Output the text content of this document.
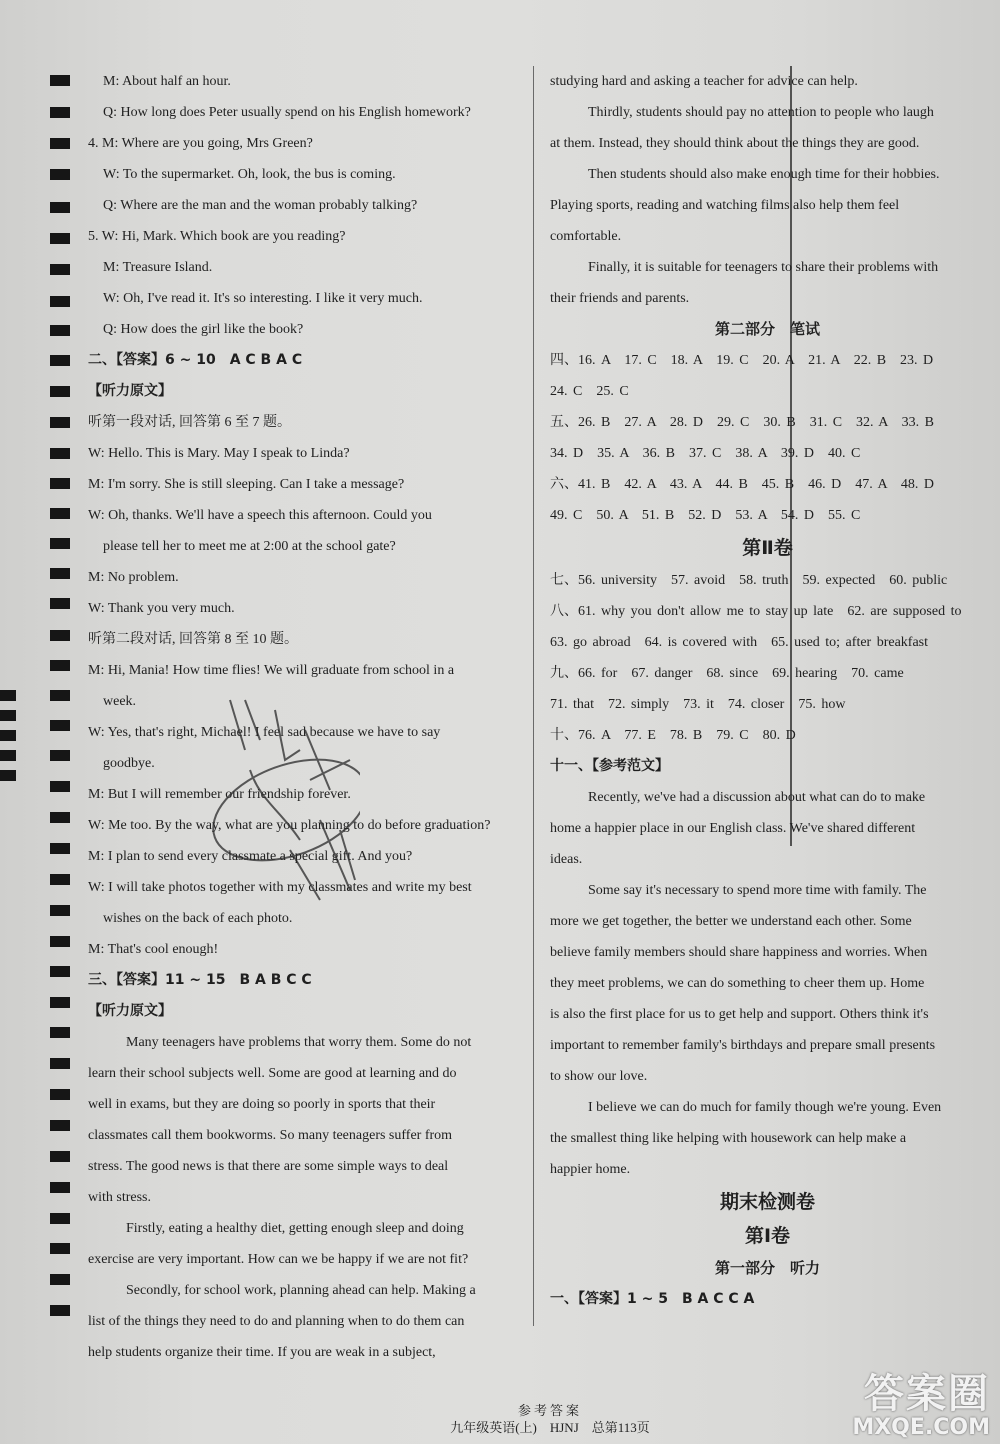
M: About half an hour.
Q: How long does Peter usually spend on his English homework?
4. M: Where are you going, Mrs Green?
W: To the supermarket. Oh, look, the bus is coming.
Q: Where are the man and the woman probably talking?
5. W: Hi, Mark. Which book are you reading?
M: Treasure Island.
W: Oh, I've read it. It's so interesting. I like it very much.
Q: How does the girl like the book?
二、【答案】6 ~ 10　A C B A C
【听力原文】
听第一段对话, 回答第 6 至 7 题。
W: Hello. This is Mary. May I speak to Linda?
M: I'm sorry. She is still sleeping. Can I take a message?
W: Oh, thanks. We'll have a speech this afternoon. Could you
please tell her to meet me at 2:00 at the school gate?
M: No problem.
W: Thank you very much.
听第二段对话, 回答第 8 至 10 题。
M: Hi, Mania! How time flies! We will graduate from school in a
week.
W: Yes, that's right, Michael! I feel sad because we have to say
goodbye.
M: But I will remember our friendship forever.
W: Me too. By the way, what are you planning to do before graduation?
M: I plan to send every classmate a special gift. And you?
W: I will take photos together with my classmates and write my best
wishes on the back of each photo.
M: That's cool enough!
三、【答案】11 ~ 15　B A B C C
【听力原文】
Many teenagers have problems that worry them. Some do not
learn their school subjects well. Some are good at learning and do
well in exams, but they are doing so poorly in sports that their
classmates call them bookworms. So many teenagers suffer from
stress. The good news is that there are some simple ways to deal
with stress.
Firstly, eating a healthy diet, getting enough sleep and doing
exercise are very important. How can we be happy if we are not fit?
Secondly, for school work, planning ahead can help. Making a
list of the things they need to do and planning when to do them can
help students organize their time. If you are weak in a subject,
studying hard and asking a teacher for advice can help.
Thirdly, students should pay no attention to people who laugh
at them. Instead, they should think about the things they are good.
Then students should also make enough time for their hobbies.
Playing sports, reading and watching films also help them feel
comfortable.
Finally, it is suitable for teenagers to share their problems with
their friends and parents.
第二部分　笔试
四、16. A　17. C　18. A　19. C　20. A　21. A　22. B　23. D
24. C　25. C
五、26. B　27. A　28. D　29. C　30. B　31. C　32. A　33. B
34. D　35. A　36. B　37. C　38. A　39. D　40. C
六、41. B　42. A　43. A　44. B　45. B　46. D　47. A　48. D
49. C　50. A　51. B　52. D　53. A　54. D　55. C
第Ⅱ卷
七、56. university　57. avoid　58. truth　59. expected　60. public
八、61. why you don't allow me to stay up late　62. are supposed to
63. go abroad　64. is covered with　65. used to; after breakfast
九、66. for　67. danger　68. since　69. hearing　70. came
71. that　72. simply　73. it　74. closer　75. how
十、76. A　77. E　78. B　79. C　80. D
十一、【参考范文】
Recently, we've had a discussion about what can do to make
home a happier place in our English class. We've shared different
ideas.
Some say it's necessary to spend more time with family. The
more we get together, the better we understand each other. Some
believe family members should share happiness and worries. When
they meet problems, we can do something to cheer them up. Home
is also the first place for us to get help and support. Others think it's
important to remember family's birthdays and prepare small presents
to show our love.
I believe we can do much for family though we're young. Even
the smallest thing like helping with housework can help make a
happier home.
期末检测卷
第Ⅰ卷
第一部分　听力
一、【答案】1 ~ 5　B A C C A
参考答案
九年级英语(上)　HJNJ　总第113页
答案圈
MXQE.COM
